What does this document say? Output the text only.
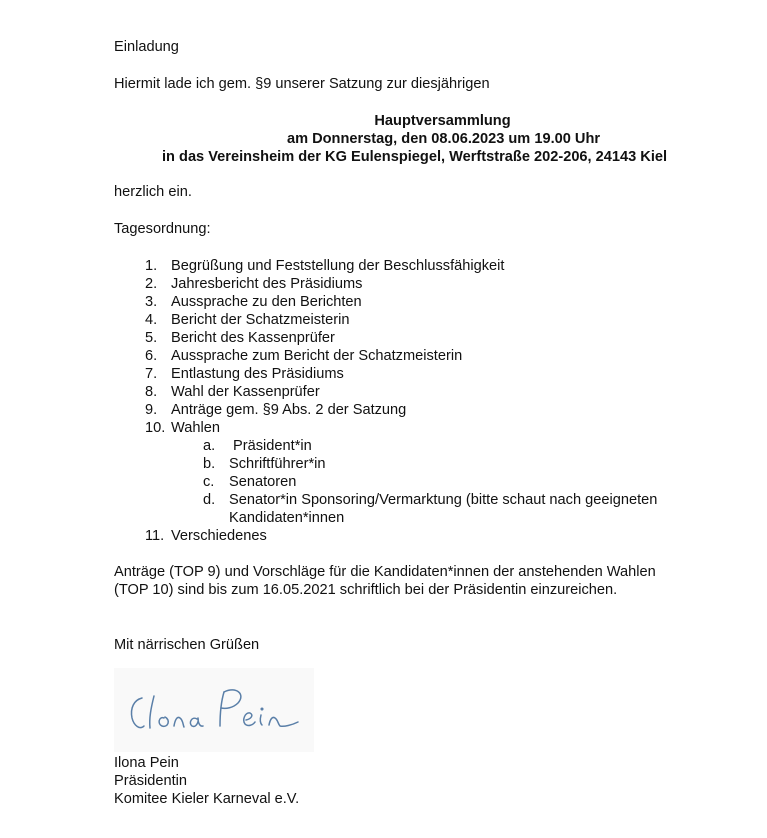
Einladung
Hiermit lade ich gem. §9 unserer Satzung zur diesjährigen
Hauptversammlung
am Donnerstag, den 08.06.2023 um 19.00 Uhr
in das Vereinsheim der KG Eulenspiegel, Werftstraße 202-206, 24143 Kiel
herzlich ein.
Tagesordnung:
1. Begrüßung und Feststellung der Beschlussfähigkeit
2. Jahresbericht des Präsidiums
3. Aussprache zu den Berichten
4. Bericht der Schatzmeisterin
5. Bericht des Kassenprüfer
6. Aussprache zum Bericht der Schatzmeisterin
7. Entlastung des Präsidiums
8. Wahl der Kassenprüfer
9. Anträge gem. §9 Abs. 2 der Satzung
10. Wahlen
a. Präsident*in
b. Schriftführer*in
c. Senatoren
d. Senator*in Sponsoring/Vermarktung (bitte schaut nach geeigneten
Kandidaten*innen
11. Verschiedenes
Anträge (TOP 9) und Vorschläge für die Kandidaten*innen der anstehenden Wahlen
(TOP 10) sind bis zum 16.05.2021 schriftlich bei der Präsidentin einzureichen.
Mit närrischen Grüßen
Ilona Pein
Präsidentin
Komitee Kieler Karneval e.V.
